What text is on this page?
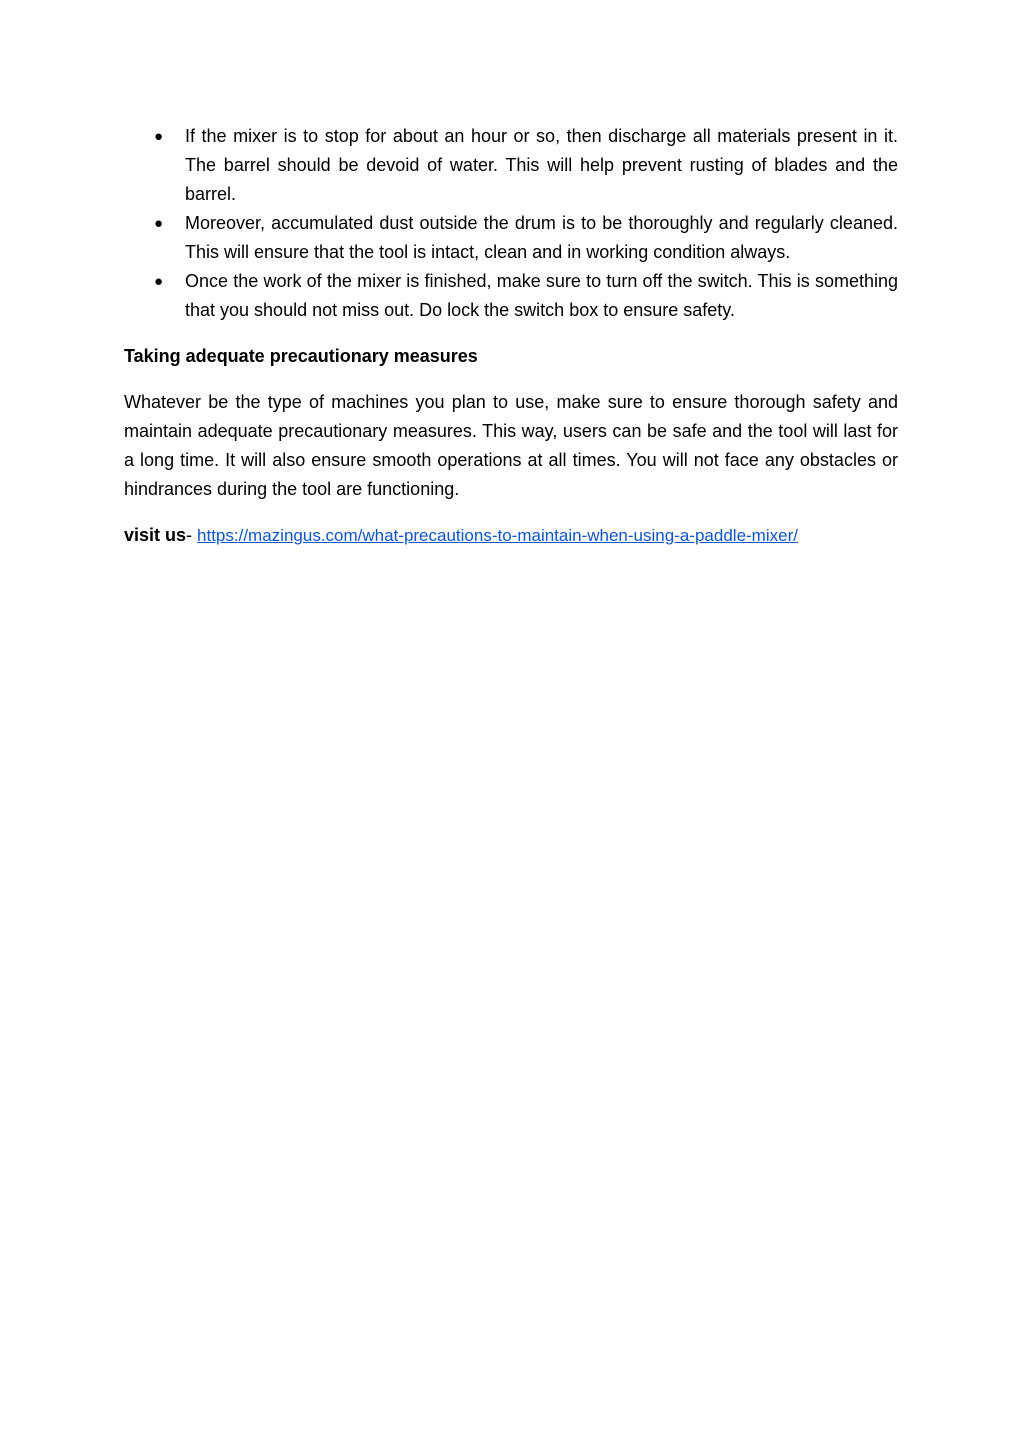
● If the mixer is to stop for about an hour or so, then discharge all materials present in it. The barrel should be devoid of water. This will help prevent rusting of blades and the barrel.
● Moreover, accumulated dust outside the drum is to be thoroughly and regularly cleaned. This will ensure that the tool is intact, clean and in working condition always.
● Once the work of the mixer is finished, make sure to turn off the switch. This is something that you should not miss out. Do lock the switch box to ensure safety.

Taking adequate precautionary measures

Whatever be the type of machines you plan to use, make sure to ensure thorough safety and maintain adequate precautionary measures. This way, users can be safe and the tool will last for a long time. It will also ensure smooth operations at all times. You will not face any obstacles or hindrances during the tool are functioning.

visit us- https://mazingus.com/what-precautions-to-maintain-when-using-a-paddle-mixer/
